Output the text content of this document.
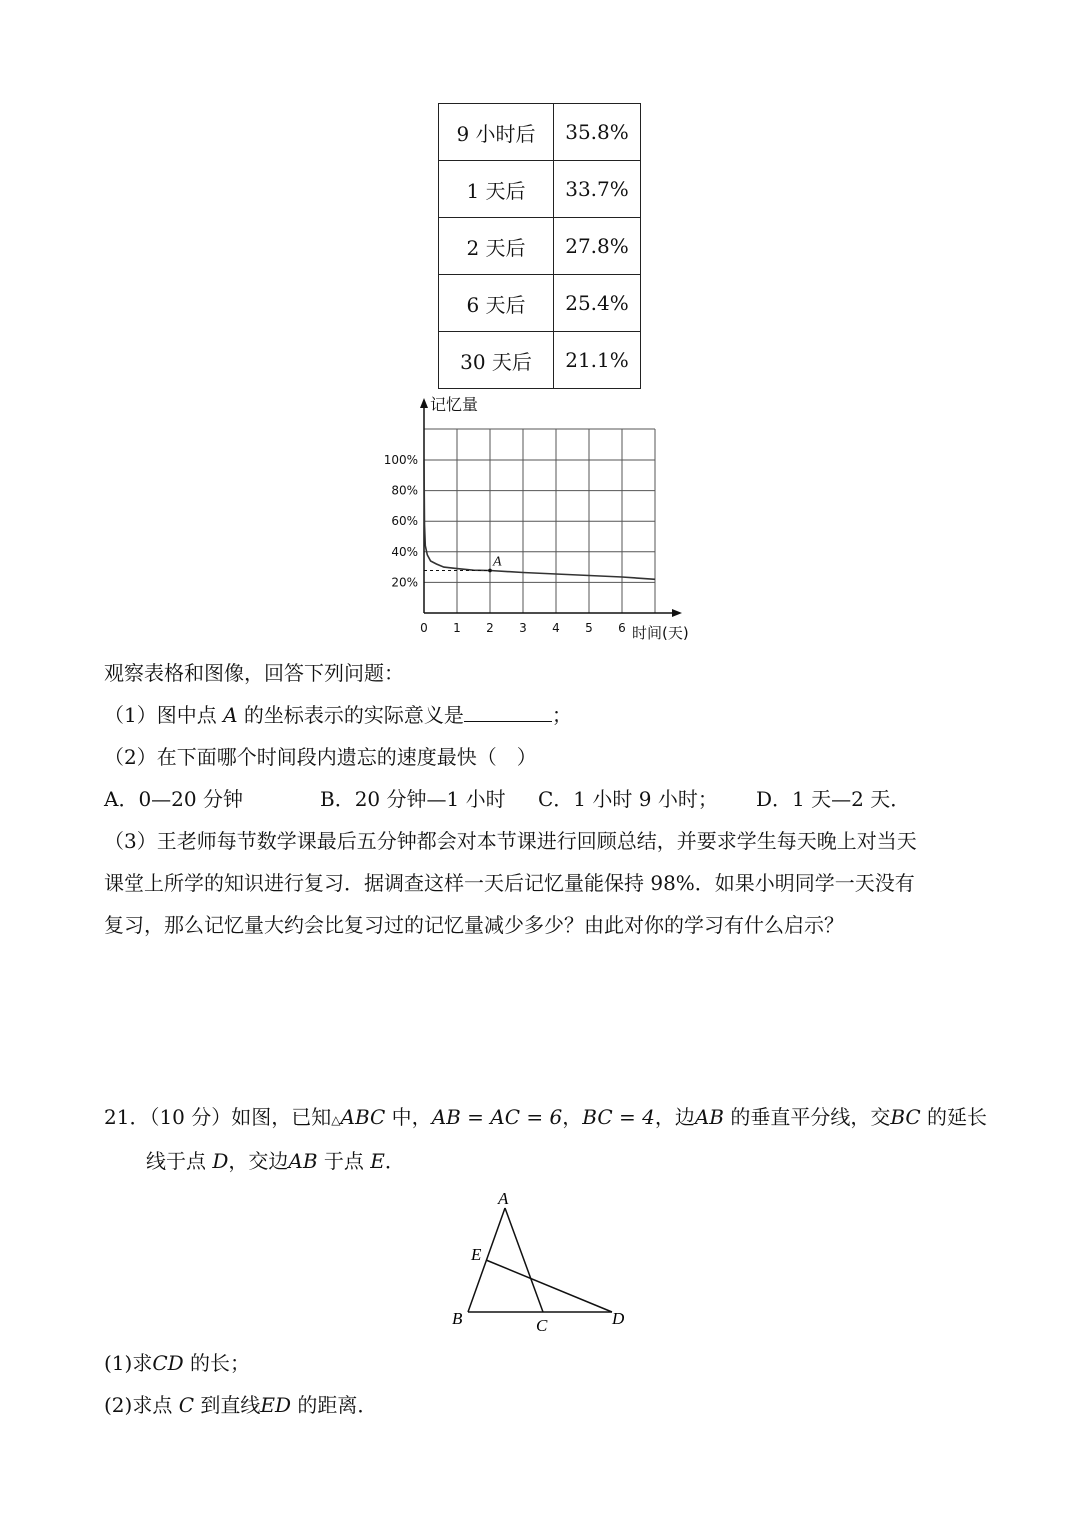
9 小时后	35.8%
1 天后	33.7%
2 天后	27.8%
6 天后	25.4%
30 天后	21.1%
记忆量
时间(天)
0 1 2 3 4 5 6
20%
40%
60%
80%
100%
A
观察表格和图像，回答下列问题：
（1）图中点 A 的坐标表示的实际意义是	；
（2）在下面哪个时间段内遗忘的速度最快（　）
A．0—20 分钟	B．20 分钟—1 小时 C．1 小时 9 小时； D．1 天—2 天．
（3）王老师每节数学课最后五分钟都会对本节课进行回顾总结，并要求学生每天晚上对当天
课堂上所学的知识进行复习．据调查这样一天后记忆量能保持 98%．如果小明同学一天没有
复习，那么记忆量大约会比复习过的记忆量减少多少？由此对你的学习有什么启示？
21．（10 分）如图，已知△ABC 中，AB = AC = 6，BC = 4，边AB 的垂直平分线，交BC 的延长
线于点 D，交边AB 于点 E．
A
E
B	C	D
(1)求CD 的长；
(2)求点 C 到直线ED 的距离．
